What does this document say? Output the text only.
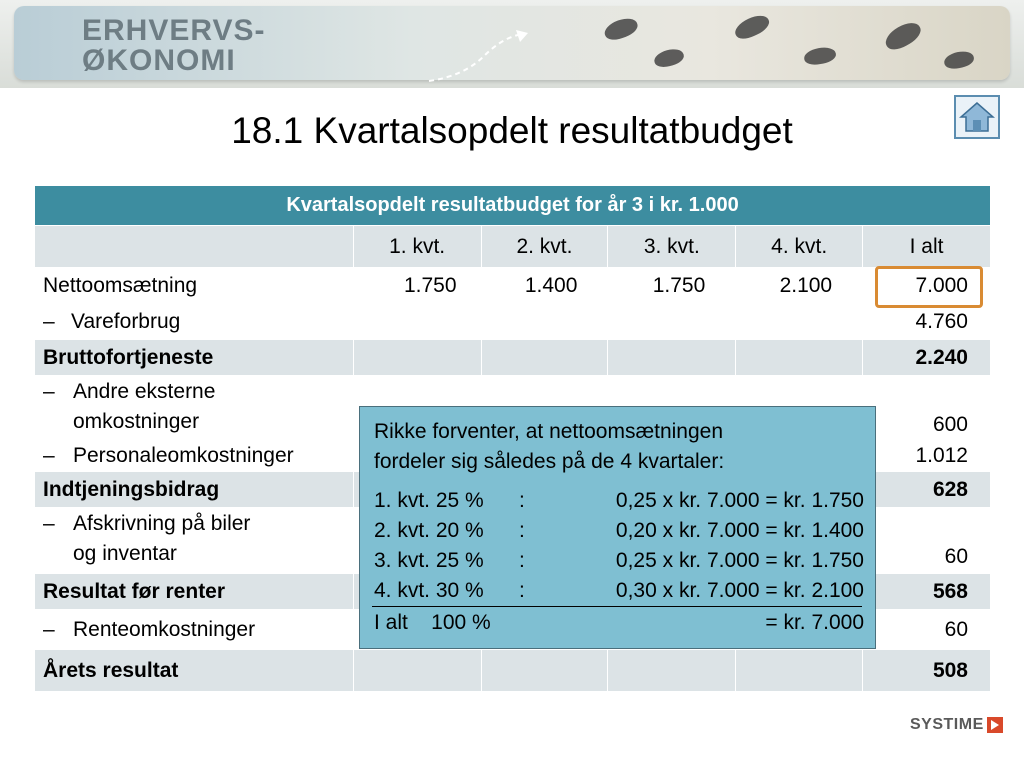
ERHVERVS-
ØKONOMI
18.1 Kvartalsopdelt resultatbudget
Kvartalsopdelt resultatbudget for år 3 i kr. 1.000					
	1. kvt.	2. kvt.	3. kvt.	4. kvt.	I alt
Nettoomsætning	1.750	1.400	1.750	2.100	7.000
– Vareforbrug					4.760
Bruttofortjeneste					2.240
– Andre eksterne
omkostninger					600
– Personaleomkostninger					1.012
Indtjeningsbidrag					628
– Afskrivning på biler
og inventar					60
Resultat før renter					568
– Renteomkostninger					60
Årets resultat					508
Rikke forventer, at nettoomsætningen
fordeler sig således på de 4 kvartaler:
1. kvt. 25 % :	0,25 x kr. 7.000 = kr. 1.750
2. kvt. 20 % :	0,20 x kr. 7.000 = kr. 1.400
3. kvt. 25 % :	0,25 x kr. 7.000 = kr. 1.750
4. kvt. 30 % :	0,30 x kr. 7.000 = kr. 2.100
I alt    100 %	= kr. 7.000
SYSTIME
